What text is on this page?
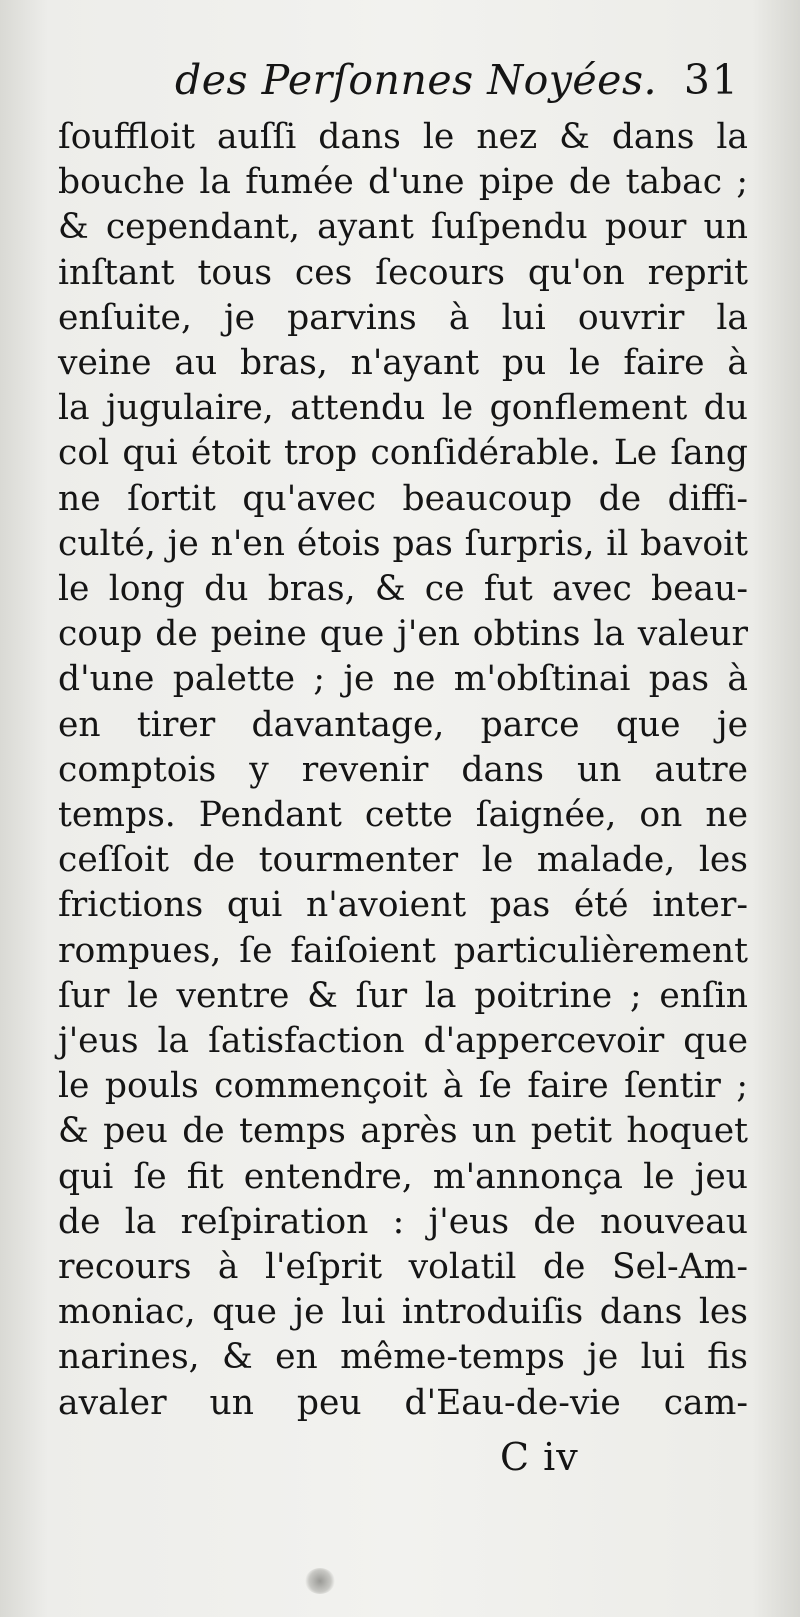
des Perſonnes Noyées. 31
ſouffloit auſſi dans le nez & dans la
bouche la fumée d'une pipe de tabac ;
& cependant, ayant ſuſpendu pour un
inſtant tous ces ſecours qu'on reprit
enſuite, je parvins à lui ouvrir la
veine au bras, n'ayant pu le faire à
la jugulaire, attendu le gonflement du
col qui étoit trop conſidérable. Le ſang
ne ſortit qu'avec beaucoup de diffi-
culté, je n'en étois pas ſurpris, il bavoit
le long du bras, & ce fut avec beau-
coup de peine que j'en obtins la valeur
d'une palette ; je ne m'obſtinai pas à
en tirer davantage, parce que je
comptois y revenir dans un autre
temps. Pendant cette ſaignée, on ne
ceſſoit de tourmenter le malade, les
frictions qui n'avoient pas été inter-
rompues, ſe faiſoient particulièrement
ſur le ventre & ſur la poitrine ; enſin
j'eus la ſatisfaction d'appercevoir que
le pouls commençoit à ſe faire ſentir ;
& peu de temps après un petit hoquet
qui ſe fit entendre, m'annonça le jeu
de la reſpiration : j'eus de nouveau
recours à l'eſprit volatil de Sel-Am-
moniac, que je lui introduiſis dans les
narines, & en même-temps je lui fis
avaler un peu d'Eau-de-vie cam-
C iv
